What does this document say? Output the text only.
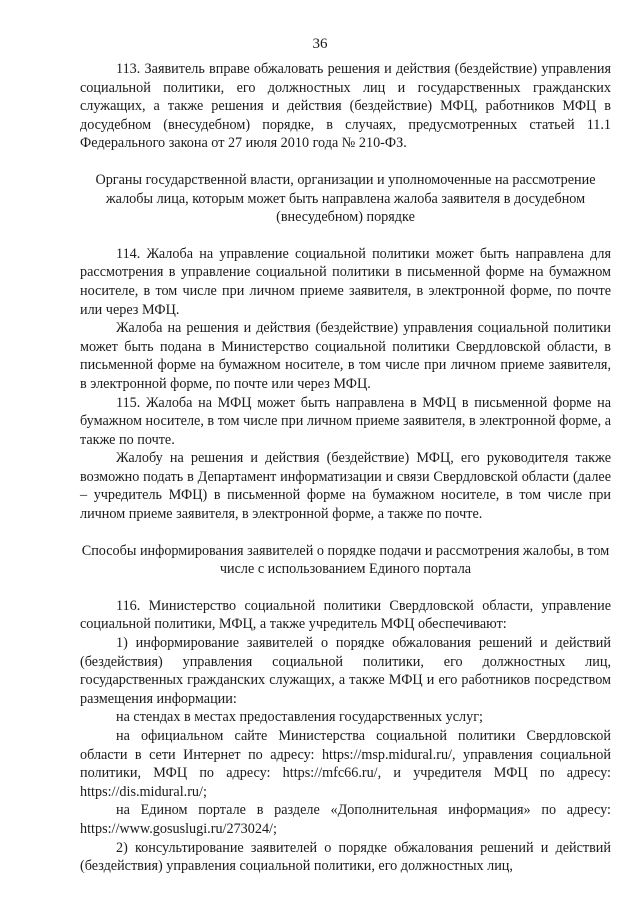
36

113. Заявитель вправе обжаловать решения и действия (бездействие) управления социальной политики, его должностных лиц и государственных гражданских служащих, а также решения и действия (бездействие) МФЦ, работников МФЦ в досудебном (внесудебном) порядке, в случаях, предусмотренных статьей 11.1 Федерального закона от 27 июля 2010 года № 210-ФЗ.

Органы государственной власти, организации и уполномоченные на рассмотрение жалобы лица, которым может быть направлена жалоба заявителя в досудебном (внесудебном) порядке

114. Жалоба на управление социальной политики может быть направлена для рассмотрения в управление социальной политики в письменной форме на бумажном носителе, в том числе при личном приеме заявителя, в электронной форме, по почте или через МФЦ.

Жалоба на решения и действия (бездействие) управления социальной политики может быть подана в Министерство социальной политики Свердловской области, в письменной форме на бумажном носителе, в том числе при личном приеме заявителя, в электронной форме, по почте или через МФЦ.

115. Жалоба на МФЦ может быть направлена в МФЦ в письменной форме на бумажном носителе, в том числе при личном приеме заявителя, в электронной форме, а также по почте.

Жалобу на решения и действия (бездействие) МФЦ, его руководителя также возможно подать в Департамент информатизации и связи Свердловской области (далее – учредитель МФЦ) в письменной форме на бумажном носителе, в том числе при личном приеме заявителя, в электронной форме, а также по почте.

Способы информирования заявителей о порядке подачи и рассмотрения жалобы, в том числе с использованием Единого портала

116. Министерство социальной политики Свердловской области, управление социальной политики, МФЦ, а также учредитель МФЦ обеспечивают:

1) информирование заявителей о порядке обжалования решений и действий (бездействия) управления социальной политики, его должностных лиц, государственных гражданских служащих, а также МФЦ и его работников посредством размещения информации:

на стендах в местах предоставления государственных услуг;

на официальном сайте Министерства социальной политики Свердловской области в сети Интернет по адресу: https://msp.midural.ru/, управления социальной политики, МФЦ по адресу: https://mfc66.ru/, и учредителя МФЦ по адресу: https://dis.midural.ru/;

на Едином портале в разделе «Дополнительная информация» по адресу: https://www.gosuslugi.ru/273024/;

2) консультирование заявителей о порядке обжалования решений и действий (бездействия) управления социальной политики, его должностных лиц,
